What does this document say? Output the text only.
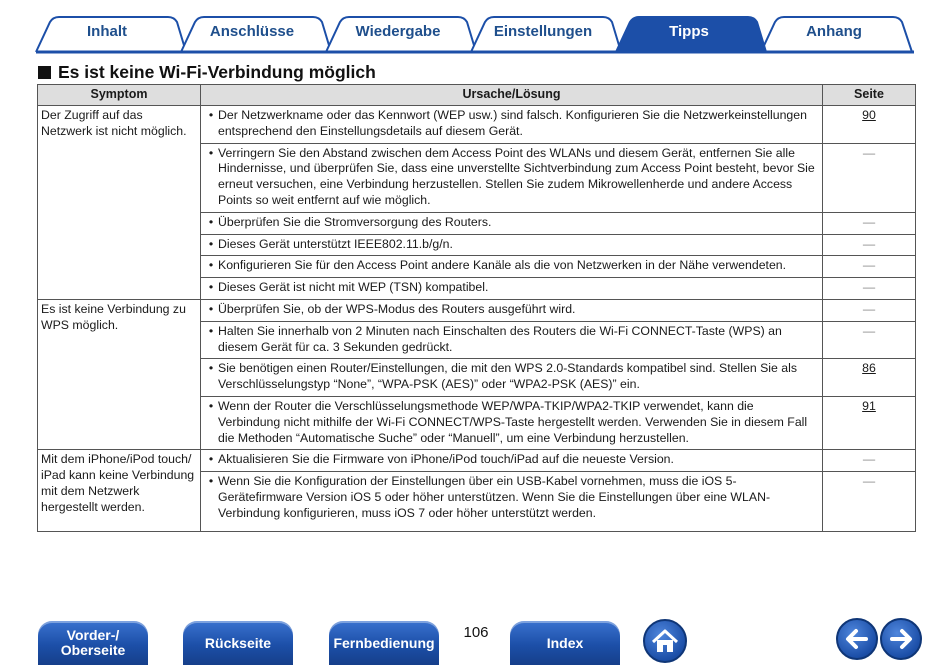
Inhalt	Anschlüsse	Wiedergabe	Einstellungen	Tipps	Anhang
Es ist keine Wi-Fi-Verbindung möglich
Symptom	Ursache/Lösung	Seite
Der Zugriff auf das Netzwerk ist nicht möglich.	• Der Netzwerkname oder das Kennwort (WEP usw.) sind falsch. Konfigurieren Sie die Netzwerkeinstellungen entsprechend den Einstellungsdetails auf diesem Gerät.	90

	• Verringern Sie den Abstand zwischen dem Access Point des WLANs und diesem Gerät, entfernen Sie alle Hindernisse, und überprüfen Sie, dass eine unverstellte Sichtverbindung zum Access Point besteht, bevor Sie erneut versuchen, eine Verbindung herzustellen. Stellen Sie zudem Mikrowellenherde und andere Access Points so weit entfernt auf wie möglich.	—

	• Überprüfen Sie die Stromversorgung des Routers.	—

	• Dieses Gerät unterstützt IEEE802.11.b/g/n.	—

	• Konfigurieren Sie für den Access Point andere Kanäle als die von Netzwerken in der Nähe verwendeten.	—

	• Dieses Gerät ist nicht mit WEP (TSN) kompatibel.	—
Es ist keine Verbindung zu WPS möglich.	• Überprüfen Sie, ob der WPS-Modus des Routers ausgeführt wird.	—

	• Halten Sie innerhalb von 2 Minuten nach Einschalten des Routers die Wi-Fi CONNECT-Taste (WPS) an diesem Gerät für ca. 3 Sekunden gedrückt.	—

	• Sie benötigen einen Router/Einstellungen, die mit den WPS 2.0-Standards kompatibel sind. Stellen Sie als Verschlüsselungstyp “None”, “WPA-PSK (AES)” oder “WPA2-PSK (AES)” ein.	86

	• Wenn der Router die Verschlüsselungsmethode WEP/WPA-TKIP/WPA2-TKIP verwendet, kann die Verbindung nicht mithilfe der Wi-Fi CONNECT/WPS-Taste hergestellt werden. Verwenden Sie in diesem Fall die Methoden “Automatische Suche” oder “Manuell”, um eine Verbindung herzustellen.	91
Mit dem iPhone/iPod touch/ iPad kann keine Verbindung mit dem Netzwerk hergestellt werden.	• Aktualisieren Sie die Firmware von iPhone/iPod touch/iPad auf die neueste Version.	—

	• Wenn Sie die Konfiguration der Einstellungen über ein USB-Kabel vornehmen, muss die iOS 5-Gerätefirmware Version iOS 5 oder höher unterstützen. Wenn Sie die Einstellungen über eine WLAN-Verbindung konfigurieren, muss iOS 7 oder höher unterstützt werden.	—
Vorder-/
Oberseite	Rückseite	Fernbedienung
106
Index
